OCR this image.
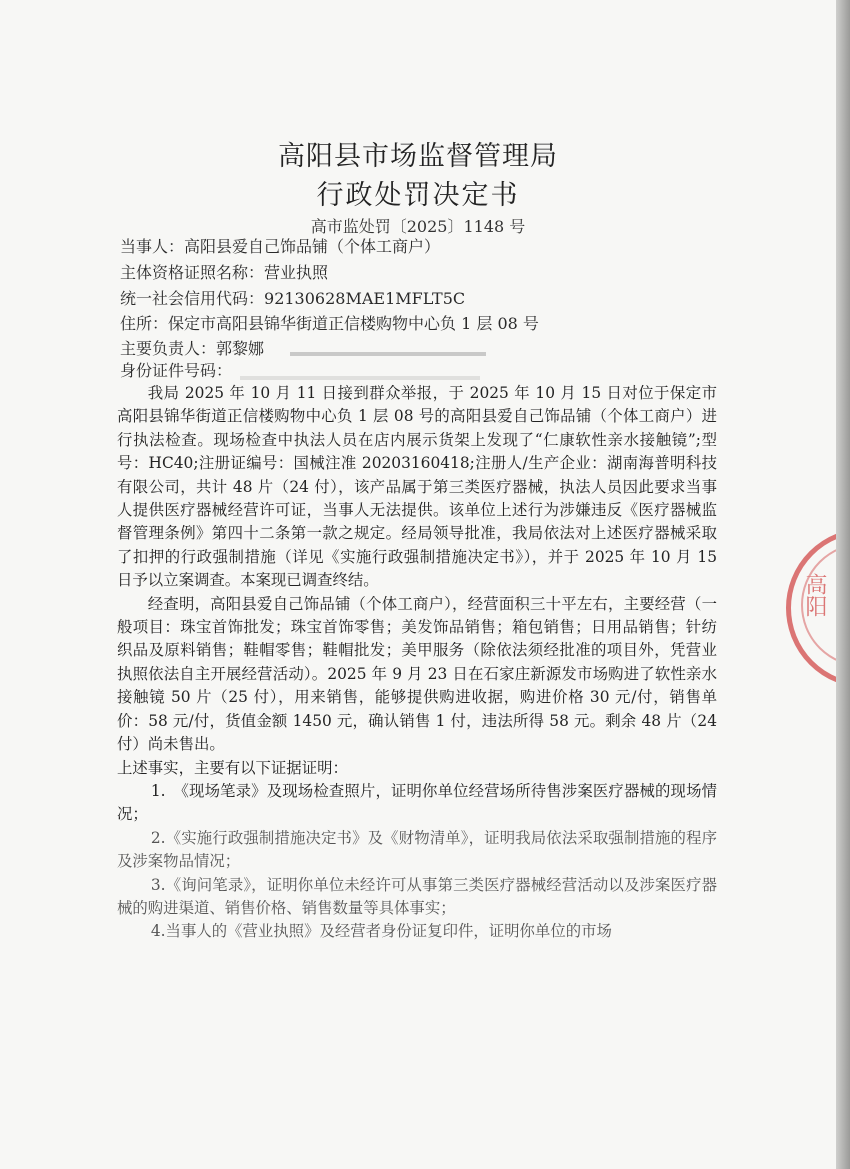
高阳县市场监督管理局
行政处罚决定书
高市监处罚〔2025〕1148 号
当事人：高阳县爱自己饰品铺（个体工商户）
主体资格证照名称：营业执照
统一社会信用代码：92130628MAE1MFLT5C
住所：保定市高阳县锦华街道正信楼购物中心负 1 层 08 号
主要负责人：郭黎娜
身份证件号码：

我局 2025 年 10 月 11 日接到群众举报，于 2025 年 10 月 15 日对位于保定市高阳县锦华街道正信楼购物中心负 1 层 08 号的高阳县爱自己饰品铺（个体工商户）进行执法检查。现场检查中执法人员在店内展示货架上发现了“仁康软性亲水接触镜”;型号：HC40;注册证编号：国械注准 20203160418;注册人/生产企业：湖南海普明科技有限公司，共计 48 片（24 付），该产品属于第三类医疗器械，执法人员因此要求当事人提供医疗器械经营许可证，当事人无法提供。该单位上述行为涉嫌违反《医疗器械监督管理条例》第四十二条第一款之规定。经局领导批准，我局依法对上述医疗器械采取了扣押的行政强制措施（详见《实施行政强制措施决定书》），并于 2025 年 10 月 15 日予以立案调查。本案现已调查终结。

经查明，高阳县爱自己饰品铺（个体工商户），经营面积三十平左右，主要经营（一般项目：珠宝首饰批发；珠宝首饰零售；美发饰品销售；箱包销售；日用品销售；针纺织品及原料销售；鞋帽零售；鞋帽批发；美甲服务（除依法须经批准的项目外，凭营业执照依法自主开展经营活动）。2025 年 9 月 23 日在石家庄新源发市场购进了软性亲水接触镜 50 片（25 付），用来销售，能够提供购进收据，购进价格 30 元/付，销售单价：58 元/付，货值金额 1450 元，确认销售 1 付，违法所得 58 元。剩余 48 片（24 付）尚未售出。

上述事实，主要有以下证据证明：

1.　《现场笔录》及现场检查照片，证明你单位经营场所待售涉案医疗器械的现场情况；

2.《实施行政强制措施决定书》及《财物清单》，证明我局依法采取强制措施的程序及涉案物品情况；

3.《询问笔录》，证明你单位未经许可从事第三类医疗器械经营活动以及涉案医疗器械的购进渠道、销售价格、销售数量等具体事实；

4.当事人的《营业执照》及经营者身份证复印件，证明你单位的市场

高阳
